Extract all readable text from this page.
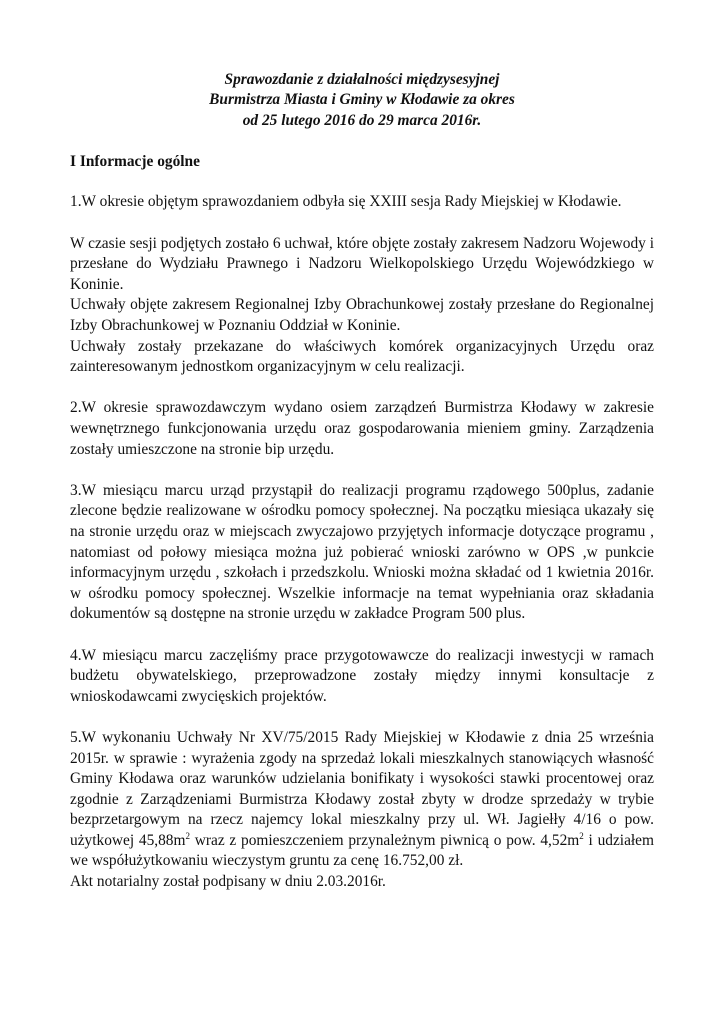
Sprawozdanie z działalności międzysesyjnej
Burmistrza Miasta i Gminy w Kłodawie za okres
od 25 lutego 2016 do 29 marca 2016r.
I Informacje ogólne

1.W okresie objętym sprawozdaniem odbyła się XXIII sesja Rady Miejskiej w Kłodawie.

W czasie sesji podjętych zostało 6 uchwał, które objęte zostały zakresem Nadzoru Wojewody i przesłane do Wydziału Prawnego i Nadzoru Wielkopolskiego Urzędu Wojewódzkiego w Koninie.

Uchwały objęte zakresem Regionalnej Izby Obrachunkowej zostały przesłane do Regionalnej Izby Obrachunkowej w Poznaniu Oddział w Koninie.

Uchwały zostały przekazane do właściwych komórek organizacyjnych Urzędu oraz zainteresowanym jednostkom organizacyjnym w celu realizacji.

2.W okresie sprawozdawczym wydano osiem zarządzeń Burmistrza Kłodawy w zakresie wewnętrznego funkcjonowania urzędu oraz gospodarowania mieniem gminy. Zarządzenia zostały umieszczone na stronie bip urzędu.

3.W miesiącu marcu urząd przystąpił do realizacji programu rządowego 500plus, zadanie zlecone będzie realizowane w ośrodku pomocy społecznej. Na początku miesiąca ukazały się na stronie urzędu oraz w miejscach zwyczajowo przyjętych informacje dotyczące programu , natomiast od połowy miesiąca można już pobierać wnioski zarówno w OPS ,w punkcie informacyjnym urzędu , szkołach i przedszkolu. Wnioski można składać od 1 kwietnia 2016r. w ośrodku pomocy społecznej. Wszelkie informacje na temat wypełniania oraz składania dokumentów są dostępne na stronie urzędu w zakładce Program 500 plus.

4.W miesiącu marcu zaczęliśmy prace przygotowawcze do realizacji inwestycji w ramach budżetu obywatelskiego, przeprowadzone zostały między innymi konsultacje z wnioskodawcami zwycięskich projektów.

5.W wykonaniu Uchwały Nr XV/75/2015 Rady Miejskiej w Kłodawie z dnia 25 września 2015r. w sprawie : wyrażenia zgody na sprzedaż lokali mieszkalnych stanowiących własność Gminy Kłodawa oraz warunków udzielania bonifikaty i wysokości stawki procentowej oraz zgodnie z Zarządzeniami Burmistrza Kłodawy został zbyty w drodze sprzedaży w trybie bezprzetargowym na rzecz najemcy lokal mieszkalny przy ul. Wł. Jagiełły 4/16 o pow. użytkowej $45,88m^2$ wraz z pomieszczeniem przynależnym piwnicą o pow. $4,52m^2$ i udziałem we współużytkowaniu wieczystym gruntu za cenę 16.752,00 zł.

Akt notarialny został podpisany w dniu 2.03.2016r.
